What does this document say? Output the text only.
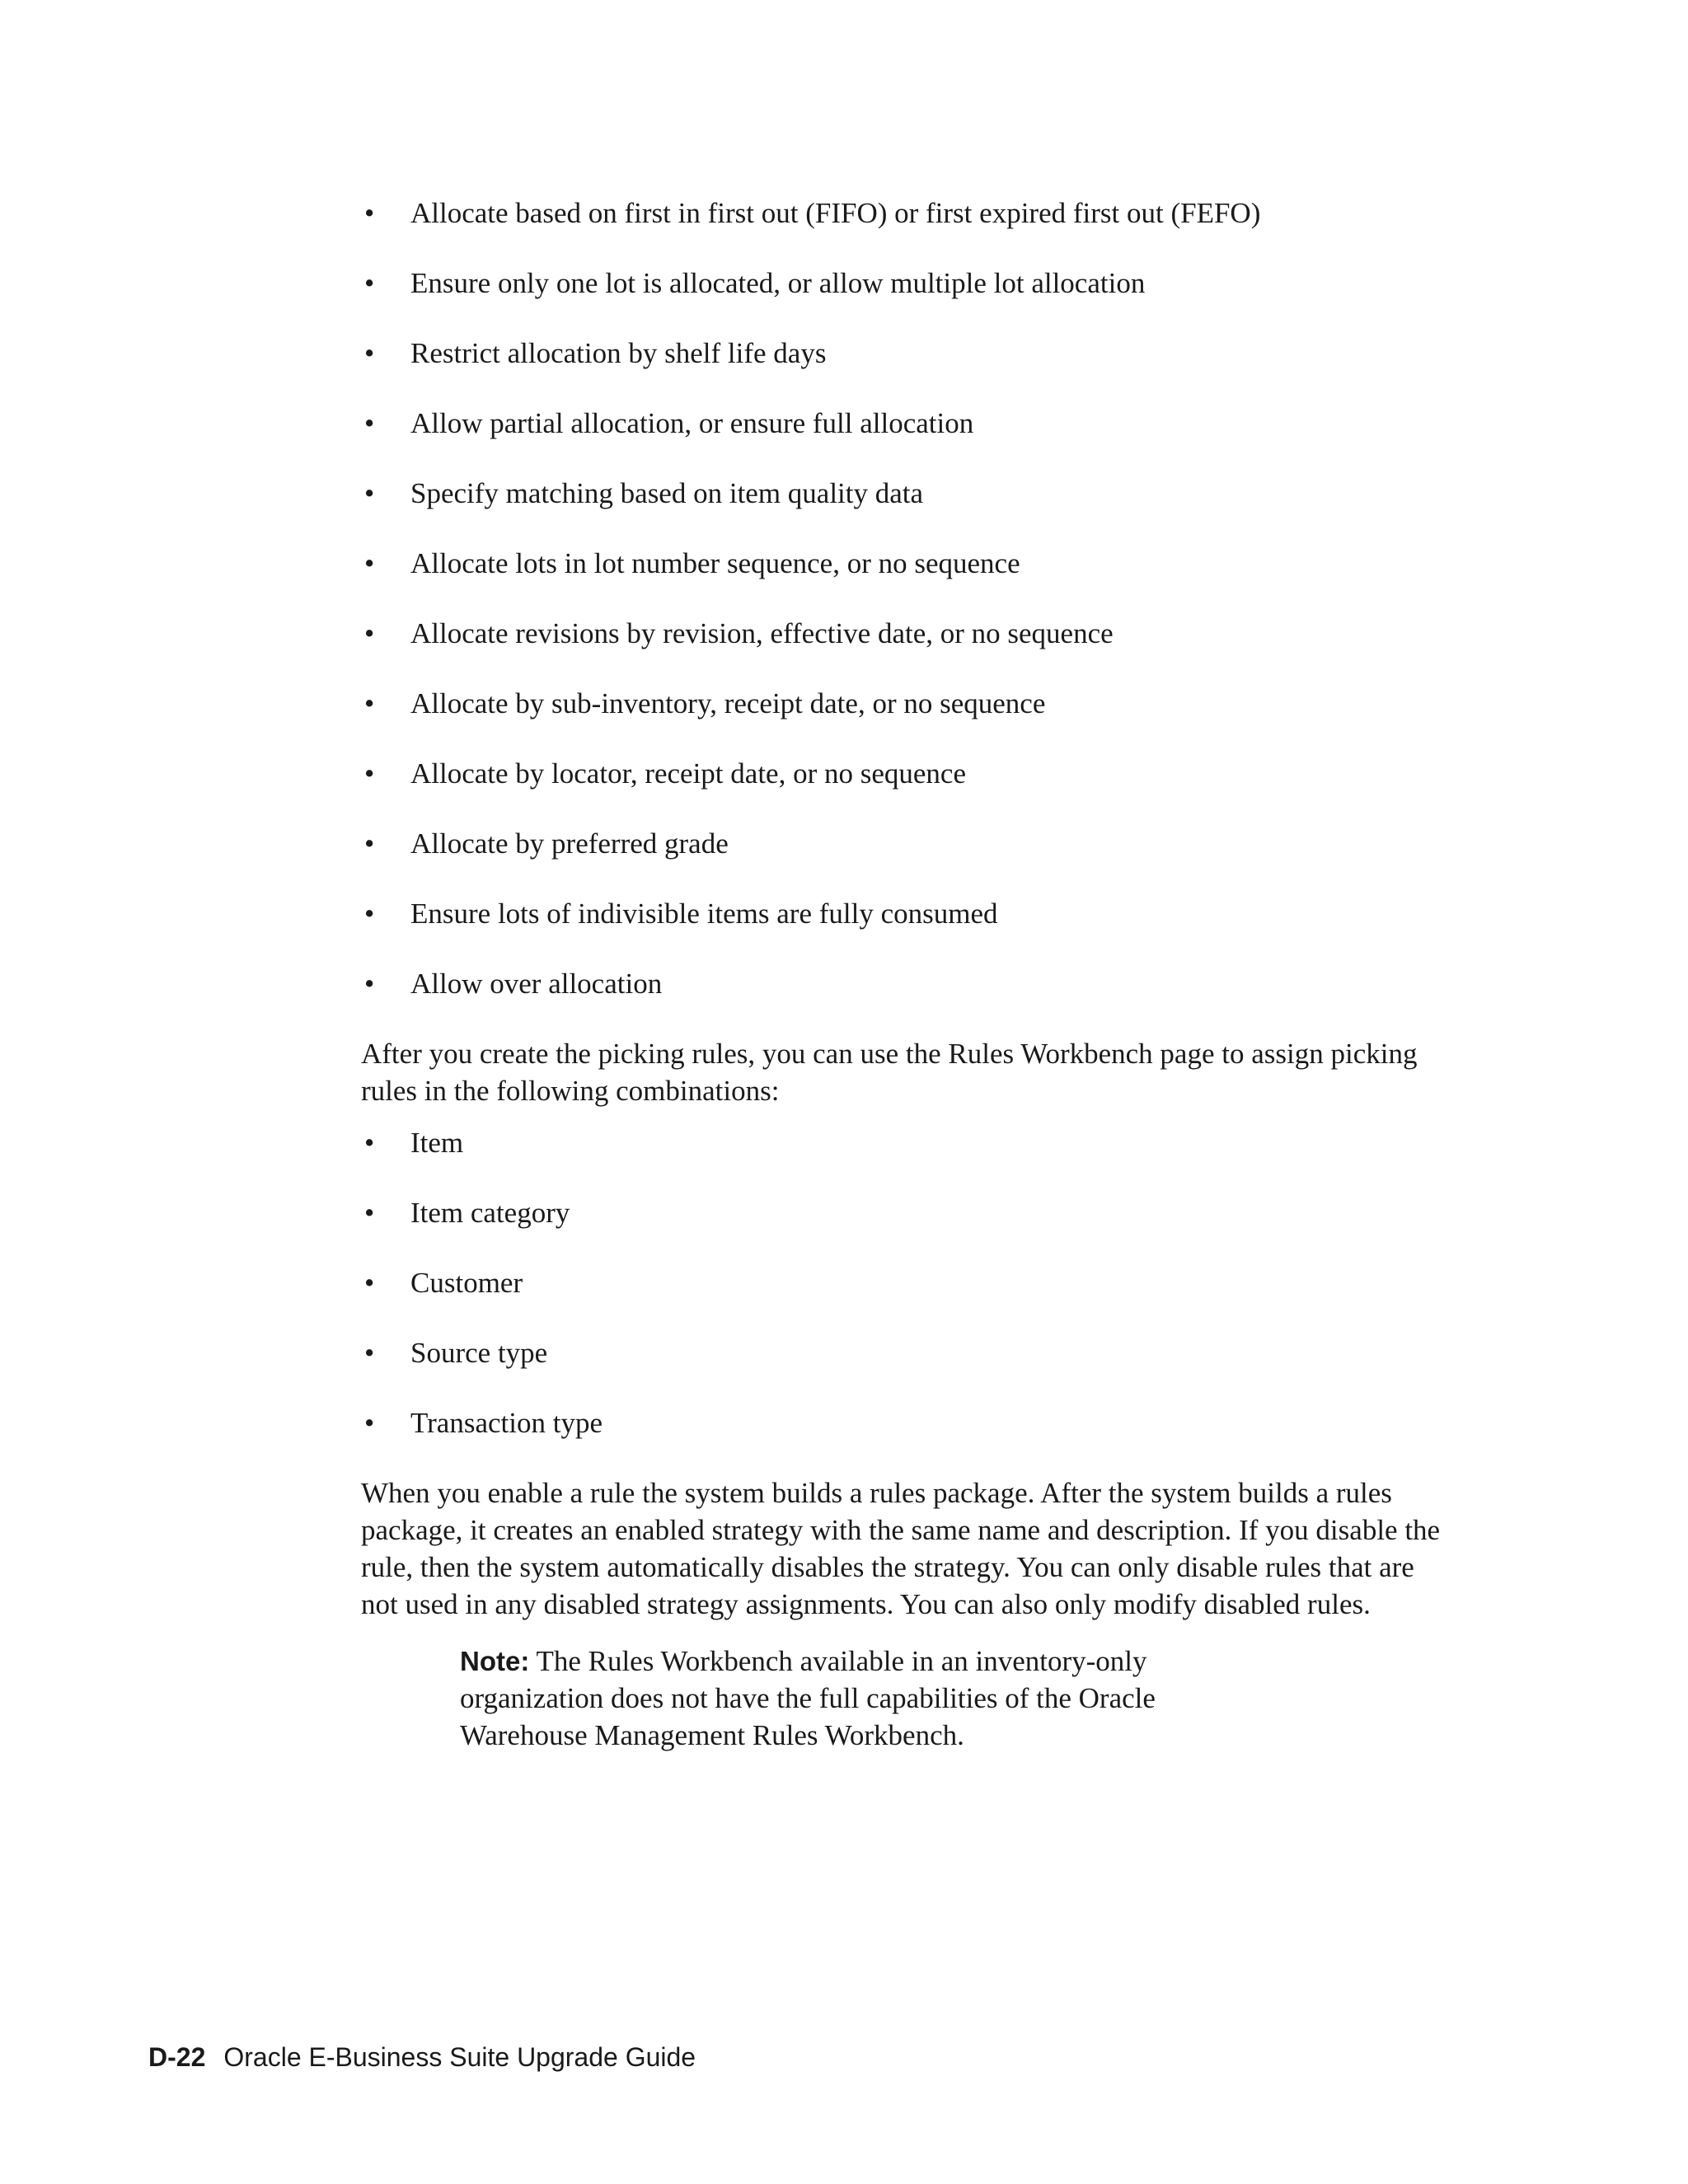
• Allocate based on first in first out (FIFO) or first expired first out (FEFO)
• Ensure only one lot is allocated, or allow multiple lot allocation
• Restrict allocation by shelf life days
• Allow partial allocation, or ensure full allocation
• Specify matching based on item quality data
• Allocate lots in lot number sequence, or no sequence
• Allocate revisions by revision, effective date, or no sequence
• Allocate by sub-inventory, receipt date, or no sequence
• Allocate by locator, receipt date, or no sequence
• Allocate by preferred grade
• Ensure lots of indivisible items are fully consumed
• Allow over allocation

After you create the picking rules, you can use the Rules Workbench page to assign picking rules in the following combinations:

• Item
• Item category
• Customer
• Source type
• Transaction type

When you enable a rule the system builds a rules package. After the system builds a rules package, it creates an enabled strategy with the same name and description. If you disable the rule, then the system automatically disables the strategy. You can only disable rules that are not used in any disabled strategy assignments. You can also only modify disabled rules.

Note: The Rules Workbench available in an inventory-only organization does not have the full capabilities of the Oracle Warehouse Management Rules Workbench.
D-22 Oracle E-Business Suite Upgrade Guide
